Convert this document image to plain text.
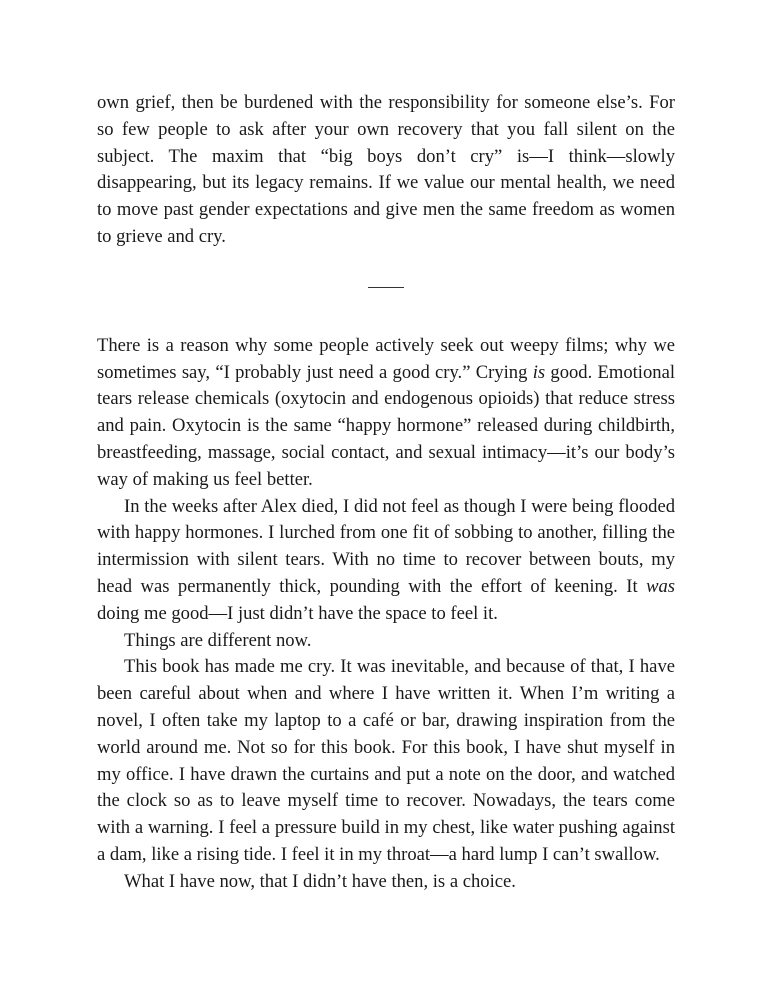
own grief, then be burdened with the responsibility for someone else’s. For so few people to ask after your own recovery that you fall silent on the subject. The maxim that “big boys don’t cry” is—I think—slowly disappearing, but its legacy remains. If we value our mental health, we need to move past gender expectations and give men the same freedom as women to grieve and cry.

There is a reason why some people actively seek out weepy films; why we sometimes say, “I probably just need a good cry.” Crying is good. Emotional tears release chemicals (oxytocin and endogenous opioids) that reduce stress and pain. Oxytocin is the same “happy hormone” released during childbirth, breastfeeding, massage, social contact, and sexual intimacy—it’s our body’s way of making us feel better.

In the weeks after Alex died, I did not feel as though I were being flooded with happy hormones. I lurched from one fit of sobbing to another, filling the intermission with silent tears. With no time to recover between bouts, my head was permanently thick, pounding with the effort of keening. It was doing me good—I just didn’t have the space to feel it.

Things are different now.

This book has made me cry. It was inevitable, and because of that, I have been careful about when and where I have written it. When I’m writing a novel, I often take my laptop to a café or bar, drawing inspiration from the world around me. Not so for this book. For this book, I have shut myself in my office. I have drawn the curtains and put a note on the door, and watched the clock so as to leave myself time to recover. Nowadays, the tears come with a warning. I feel a pressure build in my chest, like water pushing against a dam, like a rising tide. I feel it in my throat—a hard lump I can’t swallow.

What I have now, that I didn’t have then, is a choice.
